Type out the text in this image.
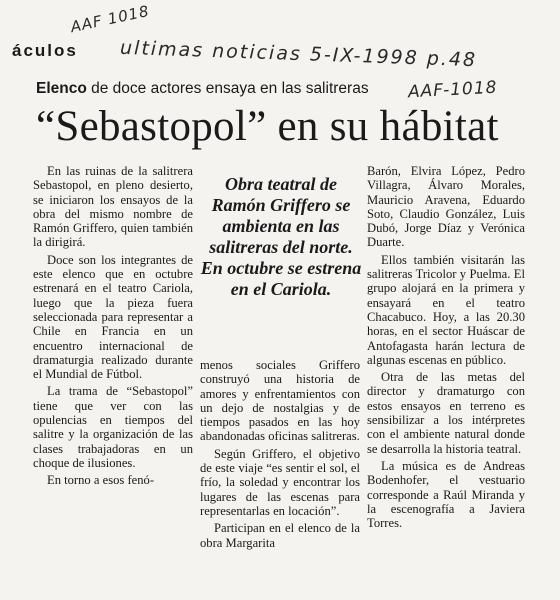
AAF 1018
áculos ultimas noticias 5-IX-1998 p.48
Elenco de doce actores ensaya en las salitreras AAF-1018
“Sebastopol” en su hábitat

En las ruinas de la salitrera Sebastopol, en pleno desierto, se iniciaron los ensayos de la obra del mismo nombre de Ramón Griffero, quien también la dirigirá.

Doce son los integrantes de este elenco que en octubre estrenará en el teatro Cariola, luego que la pieza fuera seleccionada para representar a Chile en Francia en un encuentro internacional de dramaturgia realizado durante el Mundial de Fútbol.

La trama de “Sebastopol” tiene que ver con las opulencias en tiempos del salitre y la organización de las clases trabajadoras en un choque de ilusiones.

En torno a esos fenó-

Obra teatral de Ramón Griffero se ambienta en las salitreras del norte. En octubre se estrena en el Cariola.

menos sociales Griffero construyó una historia de amores y enfrentamientos con un dejo de nostalgias y de tiempos pasados en las hoy abandonadas oficinas salitreras.

Según Griffero, el objetivo de este viaje “es sentir el sol, el frío, la soledad y encontrar los lugares de las escenas para representarlas en locación”.

Participan en el elenco de la obra Margarita

Barón, Elvira López, Pedro Villagra, Álvaro Morales, Mauricio Aravena, Eduardo Soto, Claudio González, Luis Dubó, Jorge Díaz y Verónica Duarte.

Ellos también visitarán las salitreras Tricolor y Puelma. El grupo alojará en la primera y ensayará en el teatro Chacabuco. Hoy, a las 20.30 horas, en el sector Huáscar de Antofagasta harán lectura de algunas escenas en público.

Otra de las metas del director y dramaturgo con estos ensayos en terreno es sensibilizar a los intérpretes con el ambiente natural donde se desarrolla la historia teatral.

La música es de Andreas Bodenhofer, el vestuario corresponde a Raúl Miranda y la escenografía a Javiera Torres.
